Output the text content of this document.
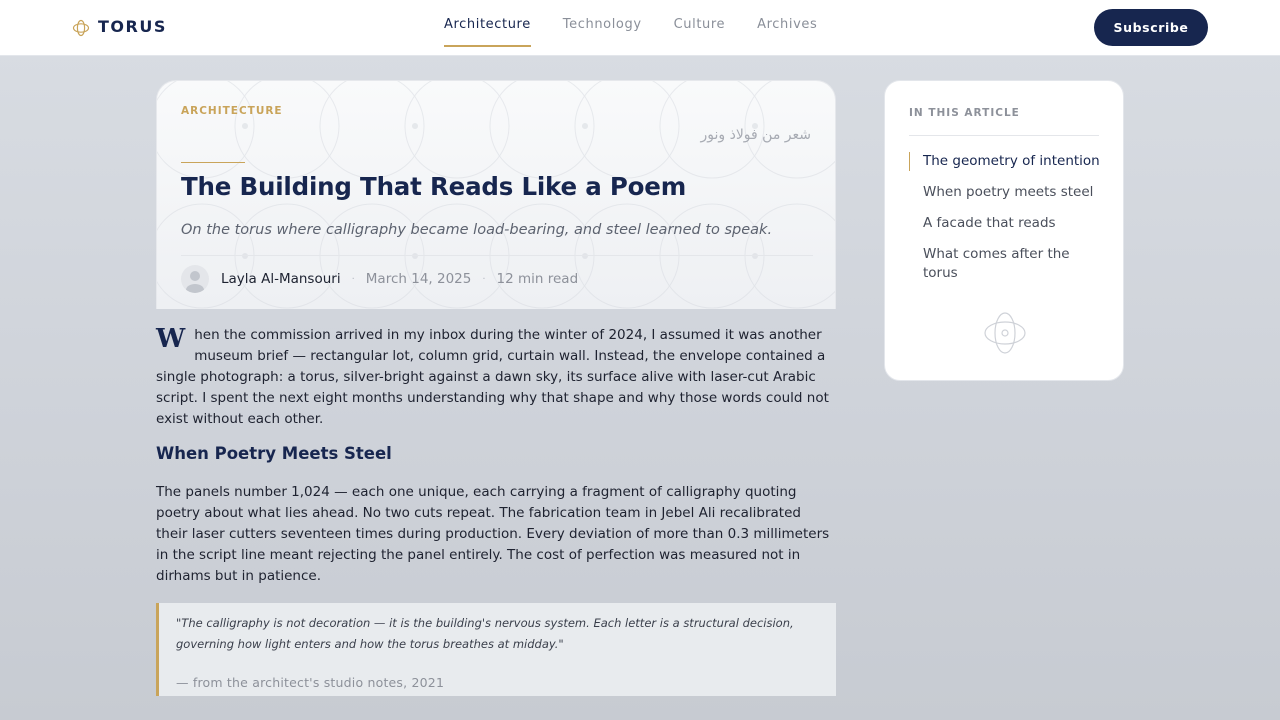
TORUS	Architecture Technology Culture Archives	Subscribe
ARCHITECTURE
شعر من فولاذ ونور
The Building That Reads Like a Poem

On the torus where calligraphy became load-bearing, and steel learned to speak.

Layla Al-Mansouri · March 14, 2025 · 12 min read
When the commission arrived in my inbox during the winter of 2024, I assumed it was another museum brief — rectangular lot, column grid, curtain wall. Instead, the envelope contained a single photograph: a torus, silver-bright against a dawn sky, its surface alive with laser-cut Arabic script. I spent the next eight months understanding why that shape and why those words could not exist without each other.
When Poetry Meets Steel
The panels number 1,024 — each one unique, each carrying a fragment of calligraphy quoting poetry about what lies ahead. No two cuts repeat. The fabrication team in Jebel Ali recalibrated their laser cutters seventeen times during production. Every deviation of more than 0.3 millimeters in the script line meant rejecting the panel entirely. The cost of perfection was measured not in dirhams but in patience.

"The calligraphy is not decoration — it is the building's nervous system. Each letter is a structural decision, governing how light enters and how the torus breathes at midday."

— from the architect's studio notes, 2021

IN THIS ARTICLE
The geometry of intention
When poetry meets steel
A facade that reads
What comes after the torus
